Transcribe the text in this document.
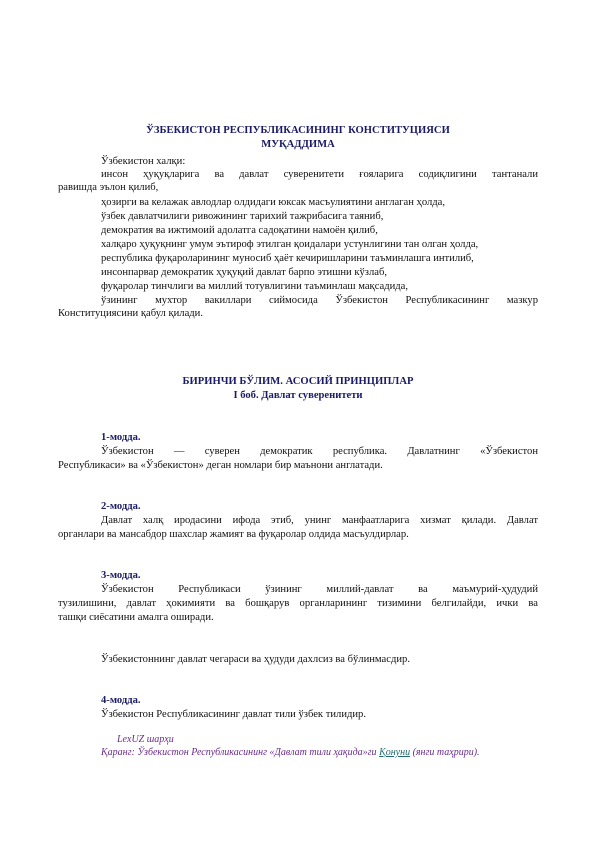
ЎЗБЕКИСТОН РЕСПУБЛИКАСИНИНГ КОНСТИТУЦИЯСИ
МУҚАДДИМА
Ўзбекистон халқи:
инсон ҳуқуқларига ва давлат суверенитети ғояларига содиқлигини тантанали
равишда эълон қилиб,
ҳозирги ва келажак авлодлар олдидаги юксак масъулиятини англаган ҳолда,
ўзбек давлатчилиги ривожининг тарихий тажрибасига таяниб,
демократия ва ижтимоий адолатга садоқатини намоён қилиб,
халқаро ҳуқуқнинг умум эътироф этилган қоидалари устунлигини тан олган ҳолда,
республика фуқароларининг муносиб ҳаёт кечиришларини таъминлашга интилиб,
инсонпарвар демократик ҳуқуқий давлат барпо этишни кўзлаб,
фуқаролар тинчлиги ва миллий тотувлигини таъминлаш мақсадида,
ўзининг мухтор вакиллари сиймосида Ўзбекистон Республикасининг мазкур
Конституциясини қабул қилади.
БИРИНЧИ БЎЛИМ. АСОСИЙ ПРИНЦИПЛАР
I боб. Давлат суверенитети
1-модда.
Ўзбекистон — суверен демократик республика. Давлатнинг «Ўзбекистон
Республикаси» ва «Ўзбекистон» деган номлари бир маънони англатади.
2-модда.
Давлат халқ иродасини ифода этиб, унинг манфаатларига хизмат қилади. Давлат
органлари ва мансабдор шахслар жамият ва фуқаролар олдида масъулдирлар.
3-модда.
Ўзбекистон Республикаси ўзининг миллий-давлат ва маъмурий-ҳудудий
тузилишини, давлат ҳокимияти ва бошқарув органларининг тизимини белгилайди, ички ва
ташқи сиёсатини амалга оширади.
Ўзбекистоннинг давлат чегараси ва ҳудуди дахлсиз ва бўлинмасдир.
4-модда.
Ўзбекистон Республикасининг давлат тили ўзбек тилидир.
LexUZ шарҳи
Қаранг: Ўзбекистон Республикасининг «Давлат тили ҳақида»ги Қонуни (янги таҳрири).
